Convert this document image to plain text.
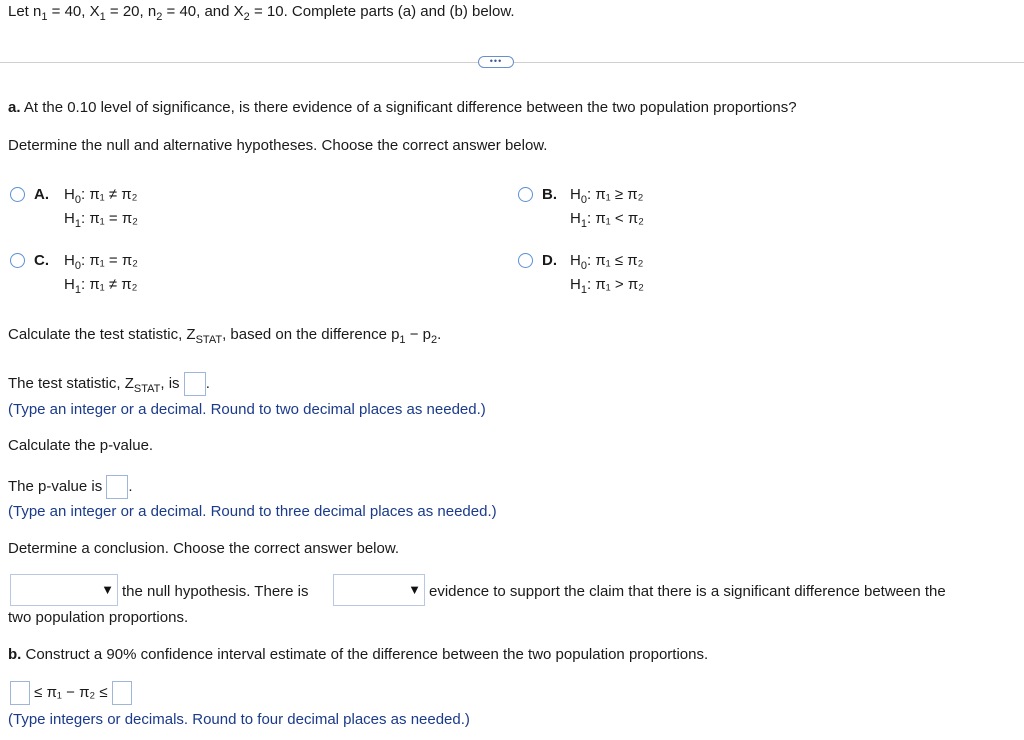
Let $n_1 = 40$, $X_1 = 20$, $n_2 = 40$, and $X_2 = 10$. Complete parts (a) and (b) below.
•••
a. At the 0.10 level of significance, is there evidence of a significant difference between the two population proportions?
Determine the null and alternative hypotheses. Choose the correct answer below.
A. $H_0$: π₁ ≠ π₂
$H_1$: π₁ = π₂
B. $H_0$: π₁ ≥ π₂
$H_1$: π₁ < π₂
C. $H_0$: π₁ = π₂
$H_1$: π₁ ≠ π₂
D. $H_0$: π₁ ≤ π₂
$H_1$: π₁ > π₂
Calculate the test statistic, $Z_{STAT}$, based on the difference $p_1 - p_2$.
The test statistic, $Z_{STAT}$, is .
(Type an integer or a decimal. Round to two decimal places as needed.)
Calculate the p-value.
The p-value is .
(Type an integer or a decimal. Round to three decimal places as needed.)
Determine a conclusion. Choose the correct answer below.
▼ the null hypothesis. There is	▼ evidence to support the claim that there is a significant difference between the
two population proportions.
b. Construct a 90% confidence interval estimate of the difference between the two population proportions.
≤ π₁ − π₂ ≤
(Type integers or decimals. Round to four decimal places as needed.)
